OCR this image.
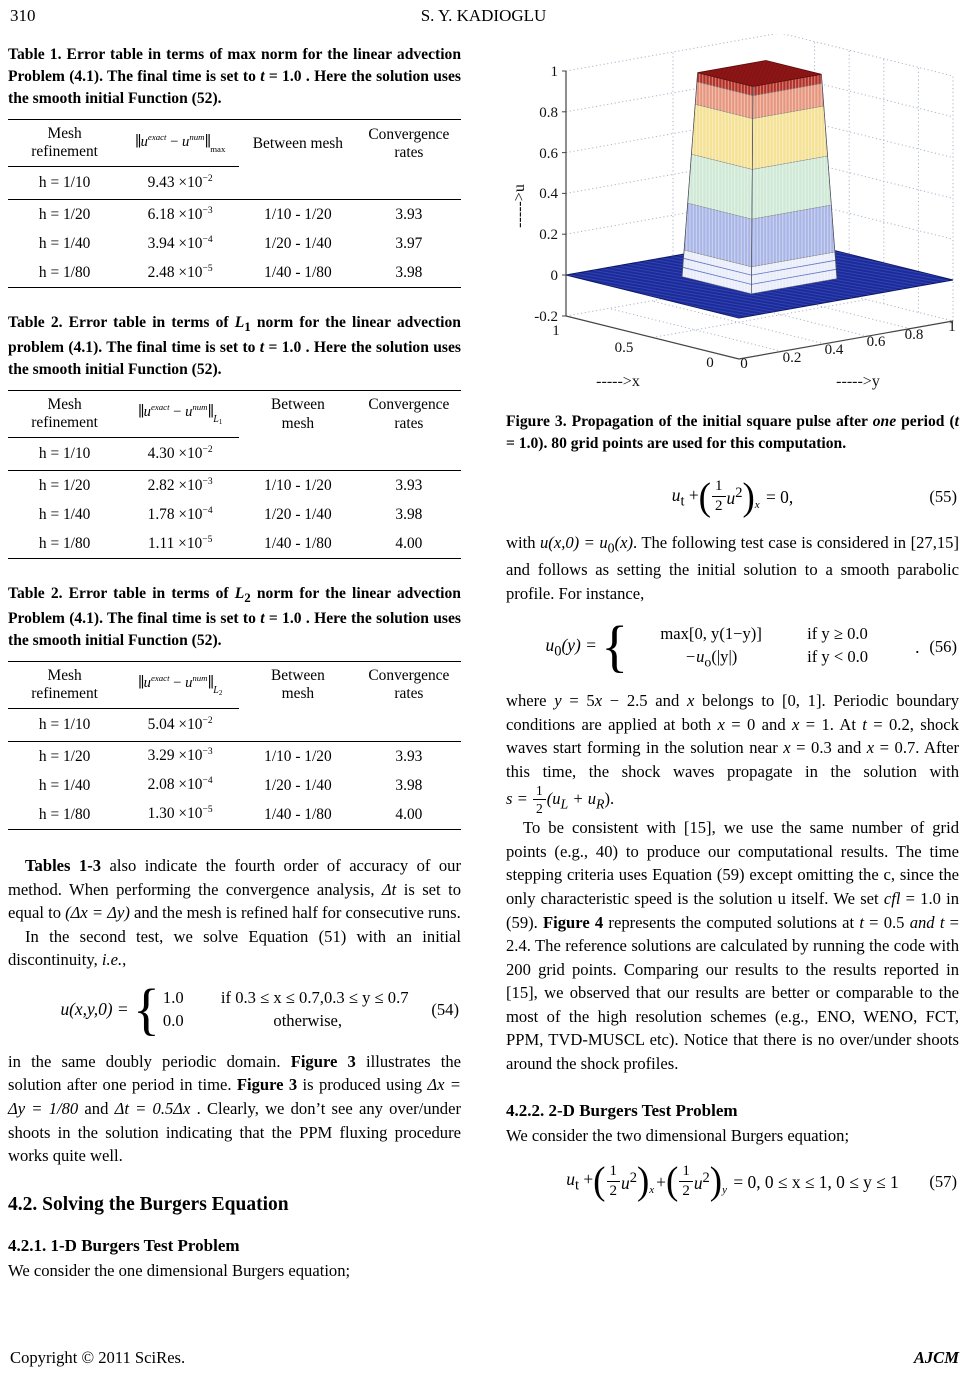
310	S. Y. KADIOGLU

Table 1. Error table in terms of max norm for the linear advection Problem (4.1). The final time is set to t = 1.0 . Here the solution uses the smooth initial Function (52).

Mesh
refinement	$\parallel u^{exact}$ − $u^{num}\parallel_{max}$	Between mesh	Convergence
rates
h = 1/10	$9.43 \times 10^{-2}$
h = 1/20	$6.18 \times 10^{-3}$	1/10 - 1/20	3.93
h = 1/40	$3.94 \times 10^{-4}$	1/20 - 1/40	3.97
h = 1/80	$2.48 \times 10^{-5}$	1/40 - 1/80	3.98

Table 2. Error table in terms of $L_1$ norm for the linear advection problem (4.1). The final time is set to t = 1.0 . Here the solution uses the smooth initial Function (52).

Mesh
refinement	$\parallel u^{exact}$ − $u^{num}\parallel_{L_1}$	Between
mesh	Convergence
rates
h = 1/10	$4.30 \times 10^{-2}$
h = 1/20	$2.82 \times 10^{-3}$	1/10 - 1/20	3.93
h = 1/40	$1.78 \times 10^{-4}$	1/20 - 1/40	3.98
h = 1/80	$1.11 \times 10^{-5}$	1/40 - 1/80	4.00

Table 2. Error table in terms of $L_2$ norm for the linear advection Problem (4.1). The final time is set to t = 1.0 . Here the solution uses the smooth initial Function (52).

Mesh
refinement	$\parallel u^{exact}$ − $u^{num}\parallel_{L_2}$	Between
mesh	Convergence
rates
h = 1/10	$5.04 \times 10^{-2}$
h = 1/20	$3.29 \times 10^{-3}$	1/10 - 1/20	3.93
h = 1/40	$2.08 \times 10^{-4}$	1/20 - 1/40	3.98
h = 1/80	$1.30 \times 10^{-5}$	1/40 - 1/80	4.00

Tables 1-3 also indicate the fourth order of accuracy of our method. When performing the convergence analysis, Δt is set to equal to (Δx = Δy) and the mesh is refined half for consecutive runs.

In the second test, we solve Equation (51) with an initial discontinuity, i.e.,

u(x,y,0) = { 1.0	if 0.3 ≤ x ≤ 0.7,0.3 ≤ y ≤ 0.7
0.0	otherwise,
(54)

in the same doubly periodic domain. Figure 3 illustrates the solution after one period in time. Figure 3 is produced using Δx = Δy = 1/80 and Δt = 0.5Δx . Clearly, we don’t see any over/under shoots in the solution indicating that the PPM fluxing procedure works quite well.

4.2. Solving the Burgers Equation
4.2.1. 1-D Burgers Test Problem

We consider the one dimensional Burgers equation;

1
0.8
0.6
0.4
0.2
0
-0.2
1
0.5
0 0 0.2 0.4 0.6 0.8 1
----->x	----->y
----->u
Figure 3. Propagation of the initial square pulse after one period (t = 1.0). 80 grid points are used for this computation.
$u_t$ + ( $\frac{1}{2} u^2$ ) x = 0,	(55)

with $u(x,0) = u_0(x)$. The following test case is considered in [27,15] and follows as setting the initial solution to a smooth parabolic profile. For instance,

$u_0(y)$ = {	max[0, y(1−y)]	if y ≥ 0.0
$-u_o(|y|)$	if y < 0.0	. (56)

where y = 5x − 2.5 and x belongs to [0, 1]. Periodic boundary conditions are applied at both x = 0 and x = 1. At t = 0.2, shock waves start forming in the solution near x = 0.3 and x = 0.7. After this time, the shock waves propagate in the solution with $s = \frac{1}{2} (u_L + u_R)$.

To be consistent with [15], we use the same number of grid points (e.g., 40) to produce our computational results. The time stepping criteria uses Equation (59) except omitting the c, since the only characteristic speed is the solution u itself. We set cfl = 1.0 in (59). Figure 4 represents the computed solutions at t = 0.5 and t = 2.4. The reference solutions are calculated by running the code with 200 grid points. Comparing our results to the results reported in [15], we observed that our results are better or comparable to the most of the high resolution schemes (e.g., ENO, WENO, FCT, PPM, TVD-MUSCL etc). Notice that there is no over/under shoots around the shock profiles.

4.2.2. 2-D Burgers Test Problem

We consider the two dimensional Burgers equation;

$u_t$ + ( $\frac{1}{2} u^2$ ) x + ( $\frac{1}{2} u^2$ ) y = 0, 0 ≤ x ≤ 1, 0 ≤ y ≤ 1 (57)
Copyright © 2011 SciRes.	AJCM
